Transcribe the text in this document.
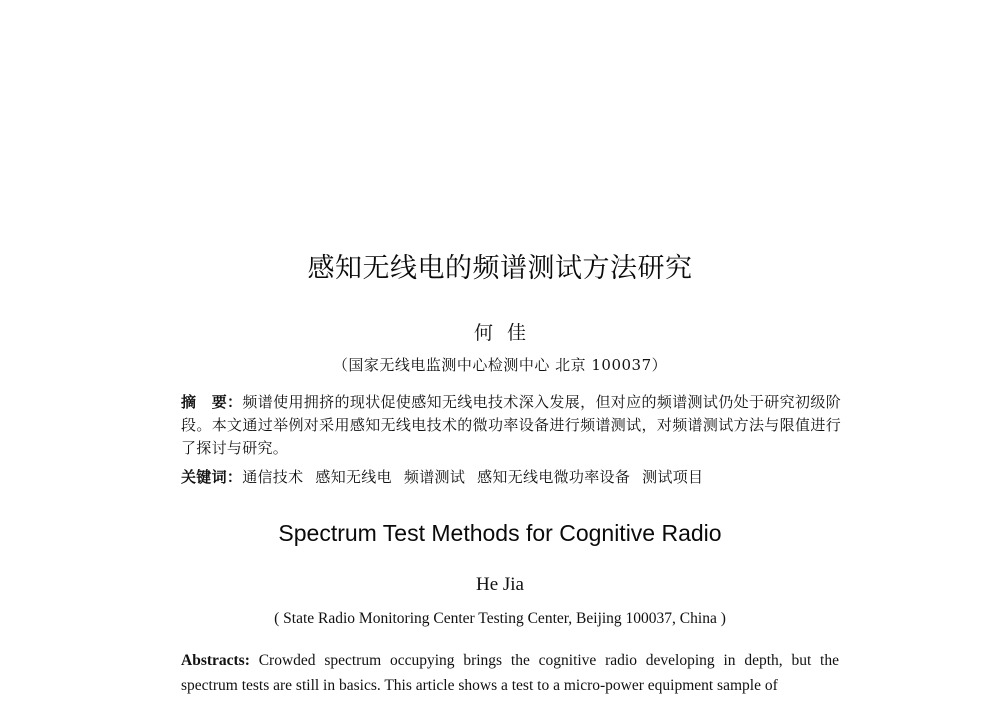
感知无线电的频谱测试方法研究
何佳
（国家无线电监测中心检测中心 北京 100037）
摘　要：频谱使用拥挤的现状促使感知无线电技术深入发展，但对应的频谱测试仍处于研究初级阶段。本文通过举例对采用感知无线电技术的微功率设备进行频谱测试，对频谱测试方法与限值进行了探讨与研究。
关键词：通信技术 感知无线电 频谱测试 感知无线电微功率设备 测试项目
Spectrum Test Methods for Cognitive Radio
He Jia
( State Radio Monitoring Center Testing Center, Beijing 100037, China )
Abstracts: Crowded spectrum occupying brings the cognitive radio developing in depth, but the spectrum tests are still in basics. This article shows a test to a micro-power equipment sample of
